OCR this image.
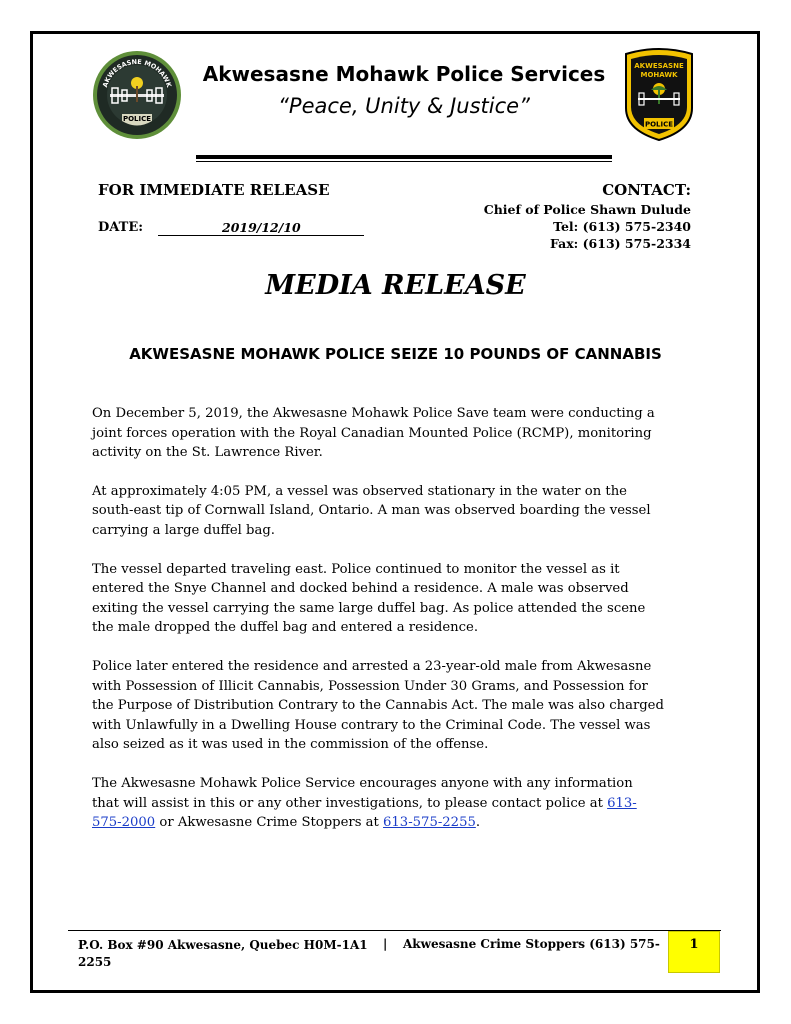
AKWESASNE MOHAWK
POLICE
AKWESASNE
MOHAWK
POLICE
Akwesasne Mohawk Police Services
“Peace, Unity & Justice”
FOR IMMEDIATE RELEASE	CONTACT:
Chief of Police Shawn Dulude
Tel: (613) 575-2340
Fax: (613) 575-2334
DATE:	2019/12/10
MEDIA RELEASE
AKWESASNE MOHAWK POLICE SEIZE 10 POUNDS OF CANNABIS

On December 5, 2019, the Akwesasne Mohawk Police Save team were conducting a
joint forces operation with the Royal Canadian Mounted Police (RCMP), monitoring
activity on the St. Lawrence River.

At approximately 4:05 PM, a vessel was observed stationary in the water on the
south-east tip of Cornwall Island, Ontario. A man was observed boarding the vessel
carrying a large duffel bag.

The vessel departed traveling east. Police continued to monitor the vessel as it
entered the Snye Channel and docked behind a residence. A male was observed
exiting the vessel carrying the same large duffel bag. As police attended the scene
the male dropped the duffel bag and entered a residence.

Police later entered the residence and arrested a 23-year-old male from Akwesasne
with Possession of Illicit Cannabis, Possession Under 30 Grams, and Possession for
the Purpose of Distribution Contrary to the Cannabis Act. The male was also charged
with Unlawfully in a Dwelling House contrary to the Criminal Code. The vessel was
also seized as it was used in the commission of the offense.

The Akwesasne Mohawk Police Service encourages anyone with any information
that will assist in this or any other investigations, to please contact police at 613-
575-2000 or Akwesasne Crime Stoppers at 613-575-2255.

P.O. Box #90 Akwesasne, Quebec H0M-1A1
2255
| Akwesasne Crime Stoppers (613) 575-	1
